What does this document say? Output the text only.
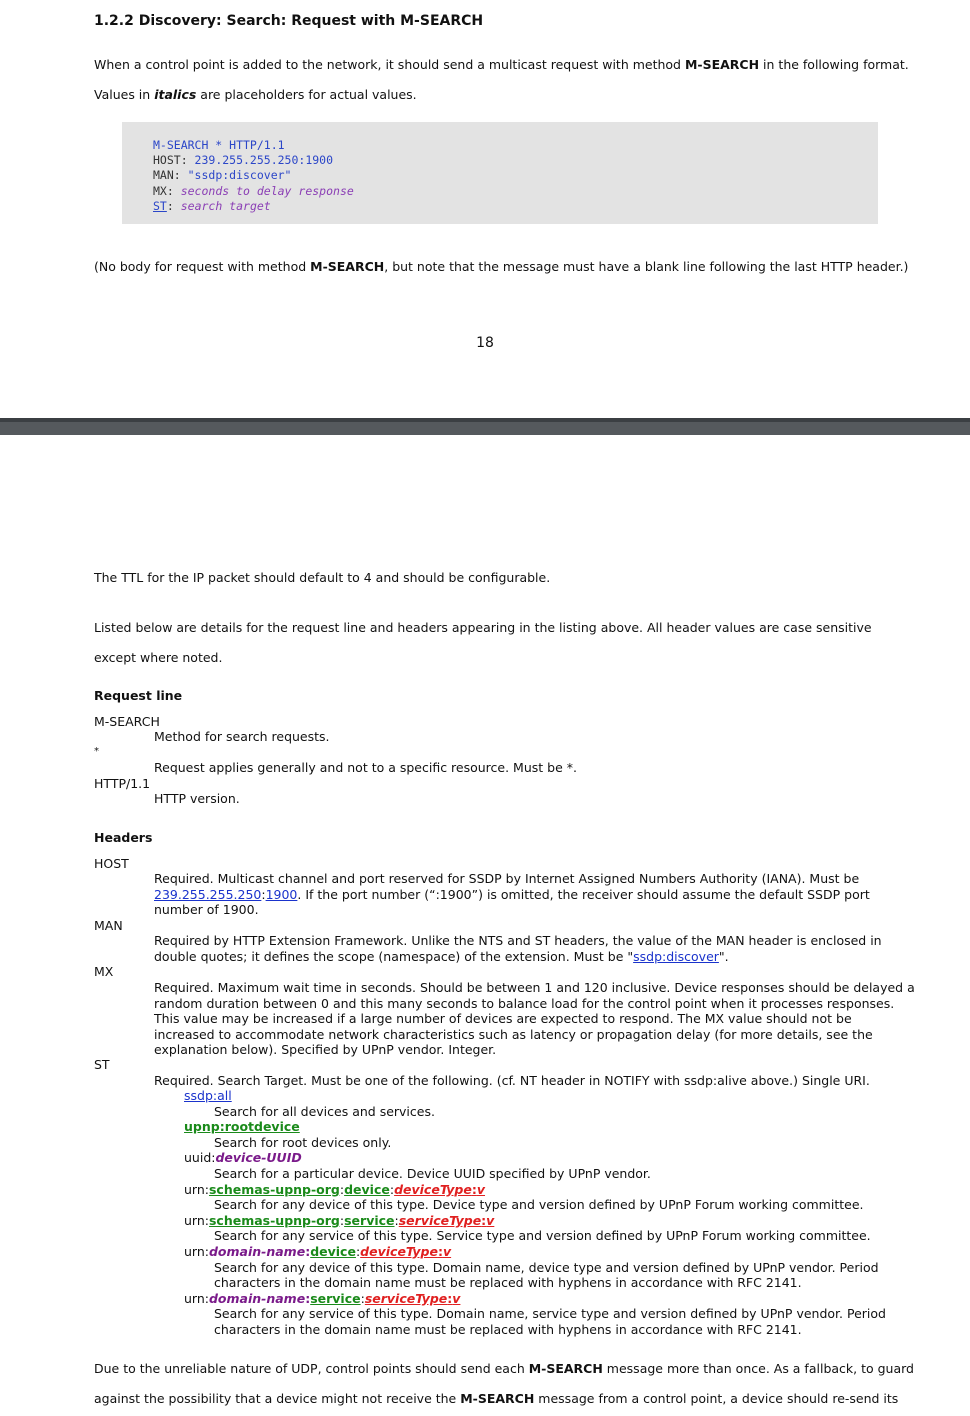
1.2.2 Discovery: Search: Request with M-SEARCH
When a control point is added to the network, it should send a multicast request with method M-SEARCH in the following format.
Values in italics are placeholders for actual values.
M-SEARCH * HTTP/1.1
HOST: 239.255.255.250:1900
MAN: "ssdp:discover"
MX: seconds to delay response
ST: search target
(No body for request with method M-SEARCH, but note that the message must have a blank line following the last HTTP header.)
18
The TTL for the IP packet should default to 4 and should be configurable.
Listed below are details for the request line and headers appearing in the listing above. All header values are case sensitive
except where noted.
Request line
M-SEARCH
Method for search requests.
*
Request applies generally and not to a specific resource. Must be *.
HTTP/1.1
HTTP version.
Headers
HOST
Required. Multicast channel and port reserved for SSDP by Internet Assigned Numbers Authority (IANA). Must be
239.255.255.250:1900. If the port number (“:1900”) is omitted, the receiver should assume the default SSDP port
number of 1900.
MAN
Required by HTTP Extension Framework. Unlike the NTS and ST headers, the value of the MAN header is enclosed in
double quotes; it defines the scope (namespace) of the extension. Must be "ssdp:discover".
MX
Required. Maximum wait time in seconds. Should be between 1 and 120 inclusive. Device responses should be delayed a
random duration between 0 and this many seconds to balance load for the control point when it processes responses.
This value may be increased if a large number of devices are expected to respond. The MX value should not be
increased to accommodate network characteristics such as latency or propagation delay (for more details, see the
explanation below). Specified by UPnP vendor. Integer.
ST
Required. Search Target. Must be one of the following. (cf. NT header in NOTIFY with ssdp:alive above.) Single URI.
ssdp:all
Search for all devices and services.
upnp:rootdevice
Search for root devices only.
uuid:device-UUID
Search for a particular device. Device UUID specified by UPnP vendor.
urn:schemas-upnp-org:device:deviceType:v
Search for any device of this type. Device type and version defined by UPnP Forum working committee.
urn:schemas-upnp-org:service:serviceType:v
Search for any service of this type. Service type and version defined by UPnP Forum working committee.
urn:domain-name:device:deviceType:v
Search for any device of this type. Domain name, device type and version defined by UPnP vendor. Period
characters in the domain name must be replaced with hyphens in accordance with RFC 2141.
urn:domain-name:service:serviceType:v
Search for any service of this type. Domain name, service type and version defined by UPnP vendor. Period
characters in the domain name must be replaced with hyphens in accordance with RFC 2141.
Due to the unreliable nature of UDP, control points should send each M-SEARCH message more than once. As a fallback, to guard
against the possibility that a device might not receive the M-SEARCH message from a control point, a device should re-send its
